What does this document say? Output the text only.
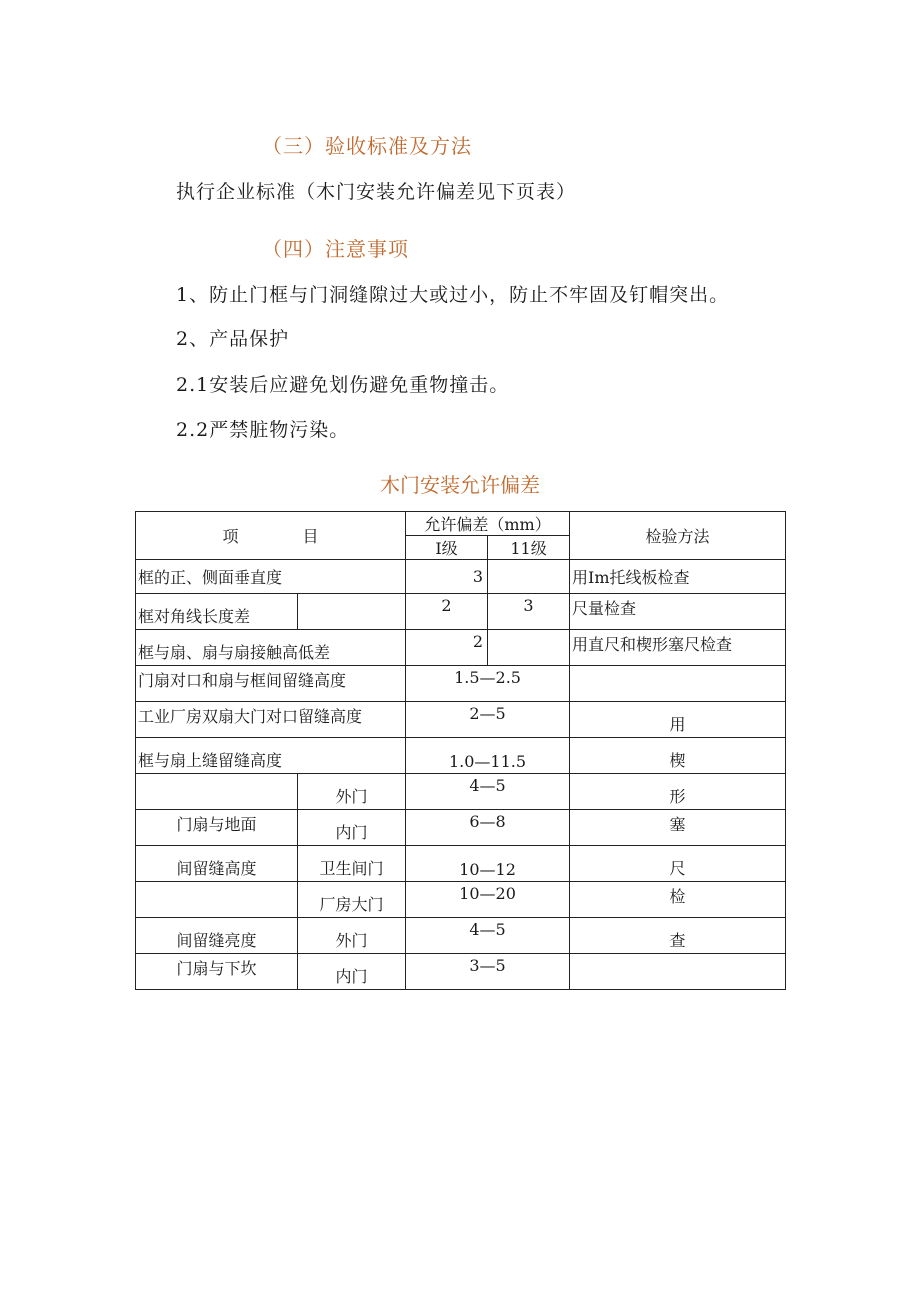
（三）验收标准及方法

执行企业标准（木门安装允许偏差见下页表）

（四）注意事项

1、防止门框与门洞缝隙过大或过小，防止不牢固及钉帽突出。

2、产品保护

2.1安装后应避免划伤避免重物撞击。

2.2严禁脏物污染。

木门安装允许偏差
项　　　　目		允许偏差（mm）		检验方法
		I级	11级	
框的正、侧面垂直度		3		用Im托线板检查
框对角线长度差		2	3	尺量检查
框与扇、扇与扇接触高低差		2		用直尺和楔形塞尺检查
门扇对口和扇与框间留缝高度		1.5—2.5		
工业厂房双扇大门对口留缝高度		2—5		用
框与扇上缝留缝高度		1.0—11.5		楔
	外门	4—5		形
门扇与地面	内门	6—8		塞
间留缝高度	卫生间门	10—12		尺
	厂房大门	10—20		检
间留缝亮度	外门	4—5		查
门扇与下坎	内门	3—5		
